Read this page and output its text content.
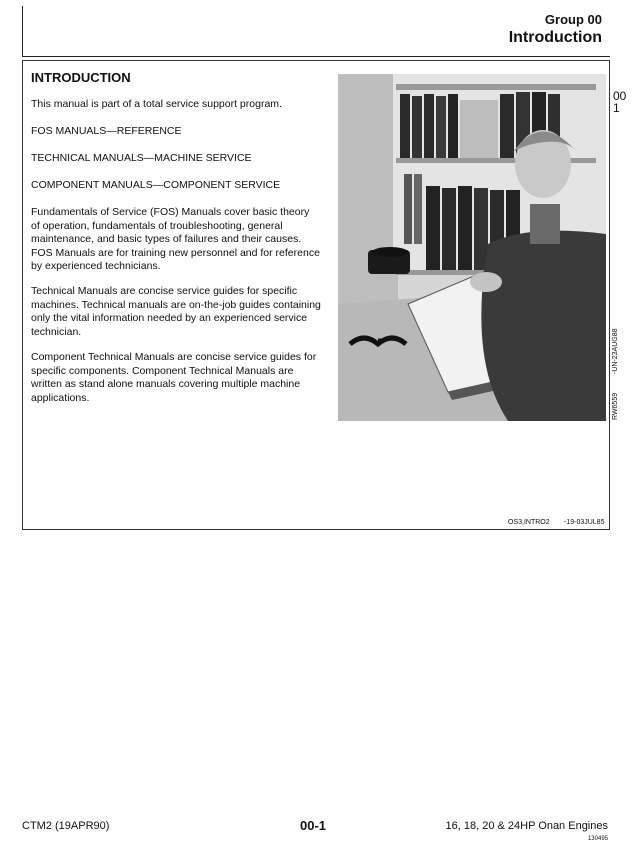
Group 00
Introduction
00
1
INTRODUCTION
This manual is part of a total service support program.
FOS MANUALS—REFERENCE
TECHNICAL MANUALS—MACHINE SERVICE
COMPONENT MANUALS—COMPONENT SERVICE
Fundamentals of Service (FOS) Manuals cover basic theory of operation, fundamentals of troubleshooting, general maintenance, and basic types of failures and their causes. FOS Manuals are for training new personnel and for reference by experienced technicians.
Technical Manuals are concise service guides for specific machines. Technical manuals are on-the-job guides containing only the vital information needed by an experienced service technician.
Component Technical Manuals are concise service guides for specific components. Component Technical Manuals are written as stand alone manuals covering multiple machine applications.	RW6559
-UN-23AUG88
OS3,INTRO2 -19-03JUL85
CTM2 (19APR90)	00-1	16, 18, 20 & 24HP Onan Engines
130495
